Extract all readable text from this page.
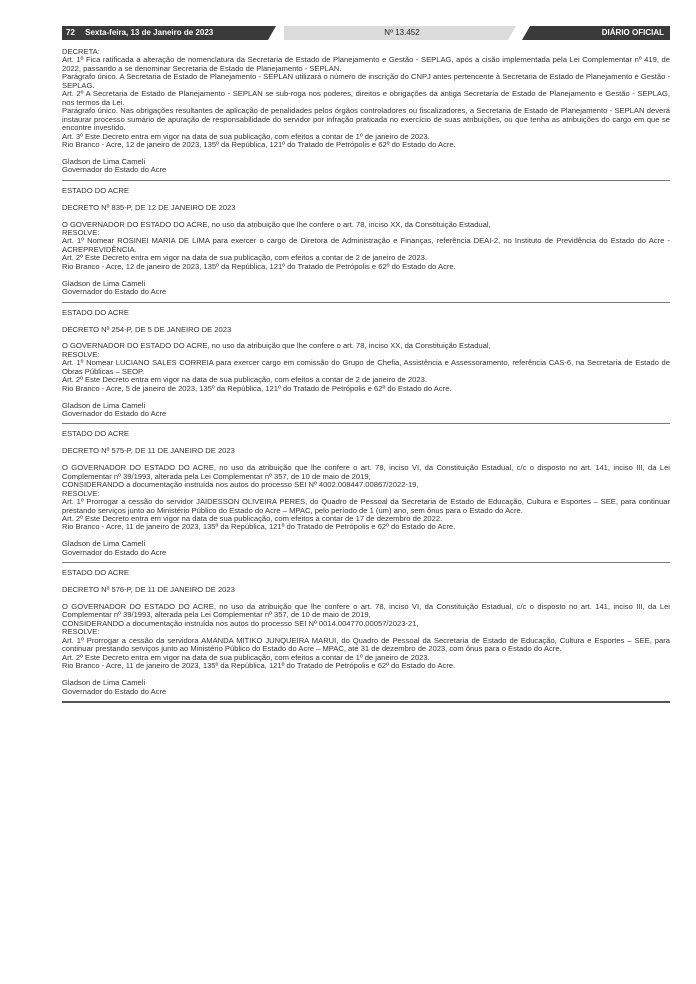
72 Sexta-feira, 13 de Janeiro de 2023	Nº 13.452	DIÁRIO OFICIAL

DECRETA:

Art. 1º Fica ratificada a alteração de nomenclatura da Secretaria de Estado de Planejamento e Gestão - SEPLAG, após a cisão implementada pela Lei Complementar nº 419, de 2022, passando a se denominar Secretaria de Estado de Planejamento - SEPLAN.

Parágrafo único. A Secretaria de Estado de Planejamento - SEPLAN utilizará o número de inscrição do CNPJ antes pertencente à Secretaria de Estado de Planejamento e Gestão - SEPLAG.

Art. 2º A Secretaria de Estado de Planejamento - SEPLAN se sub-roga nos poderes, direitos e obrigações da antiga Secretaria de Estado de Planejamento e Gestão - SEPLAG, nos termos da Lei.

Parágrafo único. Nas obrigações resultantes de aplicação de penalidades pelos órgãos controladores ou fiscalizadores, a Secretaria de Estado de Planejamento - SEPLAN deverá instaurar processo sumário de apuração de responsabilidade do servidor por infração praticada no exercício de suas atribuições, ou que tenha as atribuições do cargo em que se encontre investido.

Art. 3º Este Decreto entra em vigor na data de sua publicação, com efeitos a contar de 1º de janeiro de 2023.

Rio Branco - Acre, 12 de janeiro de 2023, 135º da República, 121º do Tratado de Petrópolis e 62º do Estado do Acre.

Gladson de Lima Cameli

Governador do Estado do Acre

ESTADO DO ACRE

DECRETO Nº 835-P, DE 12 DE JANEIRO DE 2023

O GOVERNADOR DO ESTADO DO ACRE, no uso da atribuição que lhe confere o art. 78, inciso XX, da Constituição Estadual,

RESOLVE:

Art. 1º Nomear ROSINEI MARIA DE LIMA para exercer o cargo de Diretora de Administração e Finanças, referência DEAI-2, no Instituto de Previdência do Estado do Acre - ACREPREVIDÊNCIA.

Art. 2º Este Decreto entra em vigor na data de sua publicação, com efeitos a contar de 2 de janeiro de 2023.

Rio Branco - Acre, 12 de janeiro de 2023, 135º da República, 121º do Tratado de Petrópolis e 62º do Estado do Acre.

Gladson de Lima Cameli

Governador do Estado do Acre

ESTADO DO ACRE

DECRETO Nº 254-P, DE 5 DE JANEIRO DE 2023

O GOVERNADOR DO ESTADO DO ACRE, no uso da atribuição que lhe confere o art. 78, inciso XX, da Constituição Estadual,

RESOLVE:

Art. 1º Nomear LUCIANO SALES CORREIA para exercer cargo em comissão do Grupo de Chefia, Assistência e Assessoramento, referência CAS-6, na Secretaria de Estado de Obras Públicas – SEOP.

Art. 2º Este Decreto entra em vigor na data de sua publicação, com efeitos a contar de 2 de janeiro de 2023.

Rio Branco - Acre, 5 de janeiro de 2023, 135º da República, 121º do Tratado de Petrópolis e 62º do Estado do Acre.

Gladson de Lima Cameli

Governador do Estado do Acre

ESTADO DO ACRE

DECRETO Nº 575-P, DE 11 DE JANEIRO DE 2023

O GOVERNADOR DO ESTADO DO ACRE, no uso da atribuição que lhe confere o art. 78, inciso VI, da Constituição Estadual, c/c o disposto no art. 141, inciso III, da Lei Complementar nº 39/1993, alterada pela Lei Complementar nº 357, de 10 de maio de 2019,

CONSIDERANDO a documentação instruída nos autos do processo SEI Nº 4002.008447.00867/2022-19,

RESOLVE:

Art. 1º Prorrogar a cessão do servidor JAIDESSON OLIVEIRA PERES, do Quadro de Pessoal da Secretaria de Estado de Educação, Cultura e Esportes – SEE, para continuar prestando serviços junto ao Ministério Público do Estado do Acre – MPAC, pelo período de 1 (um) ano, sem ônus para o Estado do Acre.

Art. 2º Este Decreto entra em vigor na data de sua publicação, com efeitos a contar de 17 de dezembro de 2022.

Rio Branco - Acre, 11 de janeiro de 2023, 135º da República, 121º do Tratado de Petrópolis e 62º do Estado do Acre.

Gladson de Lima Cameli

Governador do Estado do Acre

ESTADO DO ACRE

DECRETO Nº 576-P, DE 11 DE JANEIRO DE 2023

O GOVERNADOR DO ESTADO DO ACRE, no uso da atribuição que lhe confere o art. 78, inciso VI, da Constituição Estadual, c/c o disposto no art. 141, inciso III, da Lei Complementar nº 39/1993, alterada pela Lei Complementar nº 357, de 10 de maio de 2019,

CONSIDERANDO a documentação instruída nos autos do processo SEI Nº 0014.004770.00057/2023-21,

RESOLVE:

Art. 1º Prorrogar a cessão da servidora AMANDA MITIKO JUNQUEIRA MARUI, do Quadro de Pessoal da Secretaria de Estado de Educação, Cultura e Esportes – SEE, para continuar prestando serviços junto ao Ministério Público do Estado do Acre – MPAC, até 31 de dezembro de 2023, com ônus para o Estado do Acre.

Art. 2º Este Decreto entra em vigor na data de sua publicação, com efeitos a contar de 1º de janeiro de 2023.

Rio Branco - Acre, 11 de janeiro de 2023, 135º da República, 121º do Tratado de Petrópolis e 62º do Estado do Acre.

Gladson de Lima Cameli

Governador do Estado do Acre
